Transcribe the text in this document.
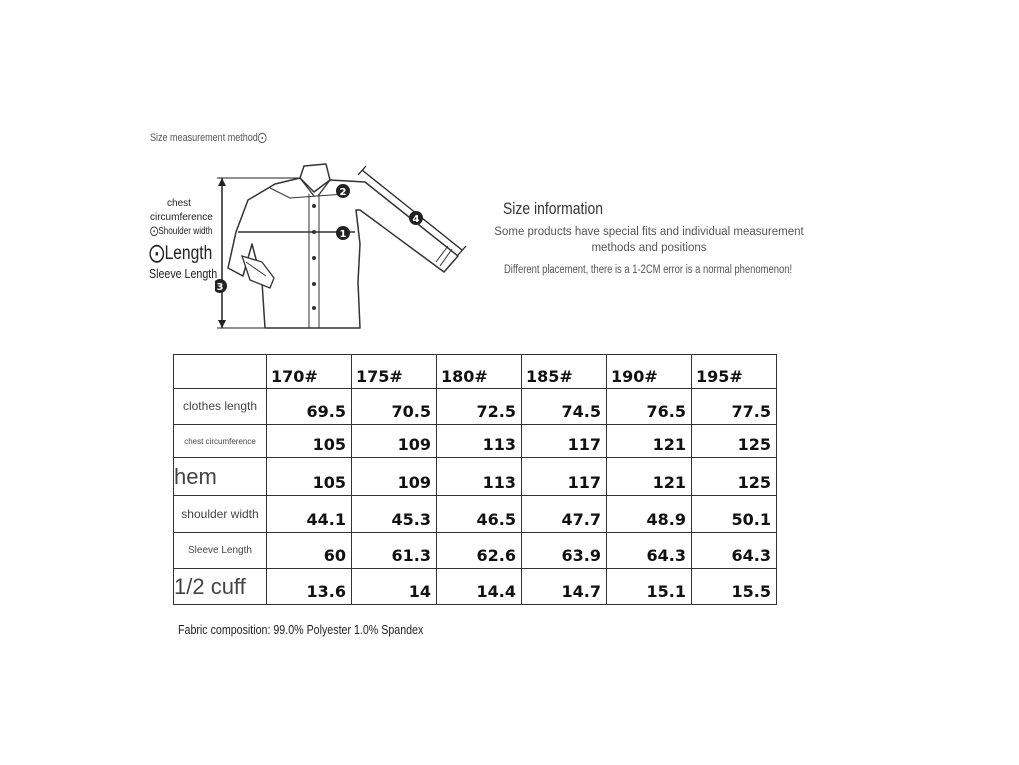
Size measurement method⨀
1
2
3
4
chest circumference
⨀Shoulder width
⨀Length
Sleeve Length
Size information
Some products have special fits and individual measurement methods and positions
Different placement, there is a 1-2CM error is a normal phenomenon!
	170#	175#	180#	185#	190#	195#
clothes length	69.5	70.5	72.5	74.5	76.5	77.5
chest circumference	105	109	113	117	121	125
hem	105	109	113	117	121	125
shoulder width	44.1	45.3	46.5	47.7	48.9	50.1
Sleeve Length	60	61.3	62.6	63.9	64.3	64.3
1/2 cuff	13.6	14	14.4	14.7	15.1	15.5
Fabric composition: 99.0% Polyester 1.0% Spandex
